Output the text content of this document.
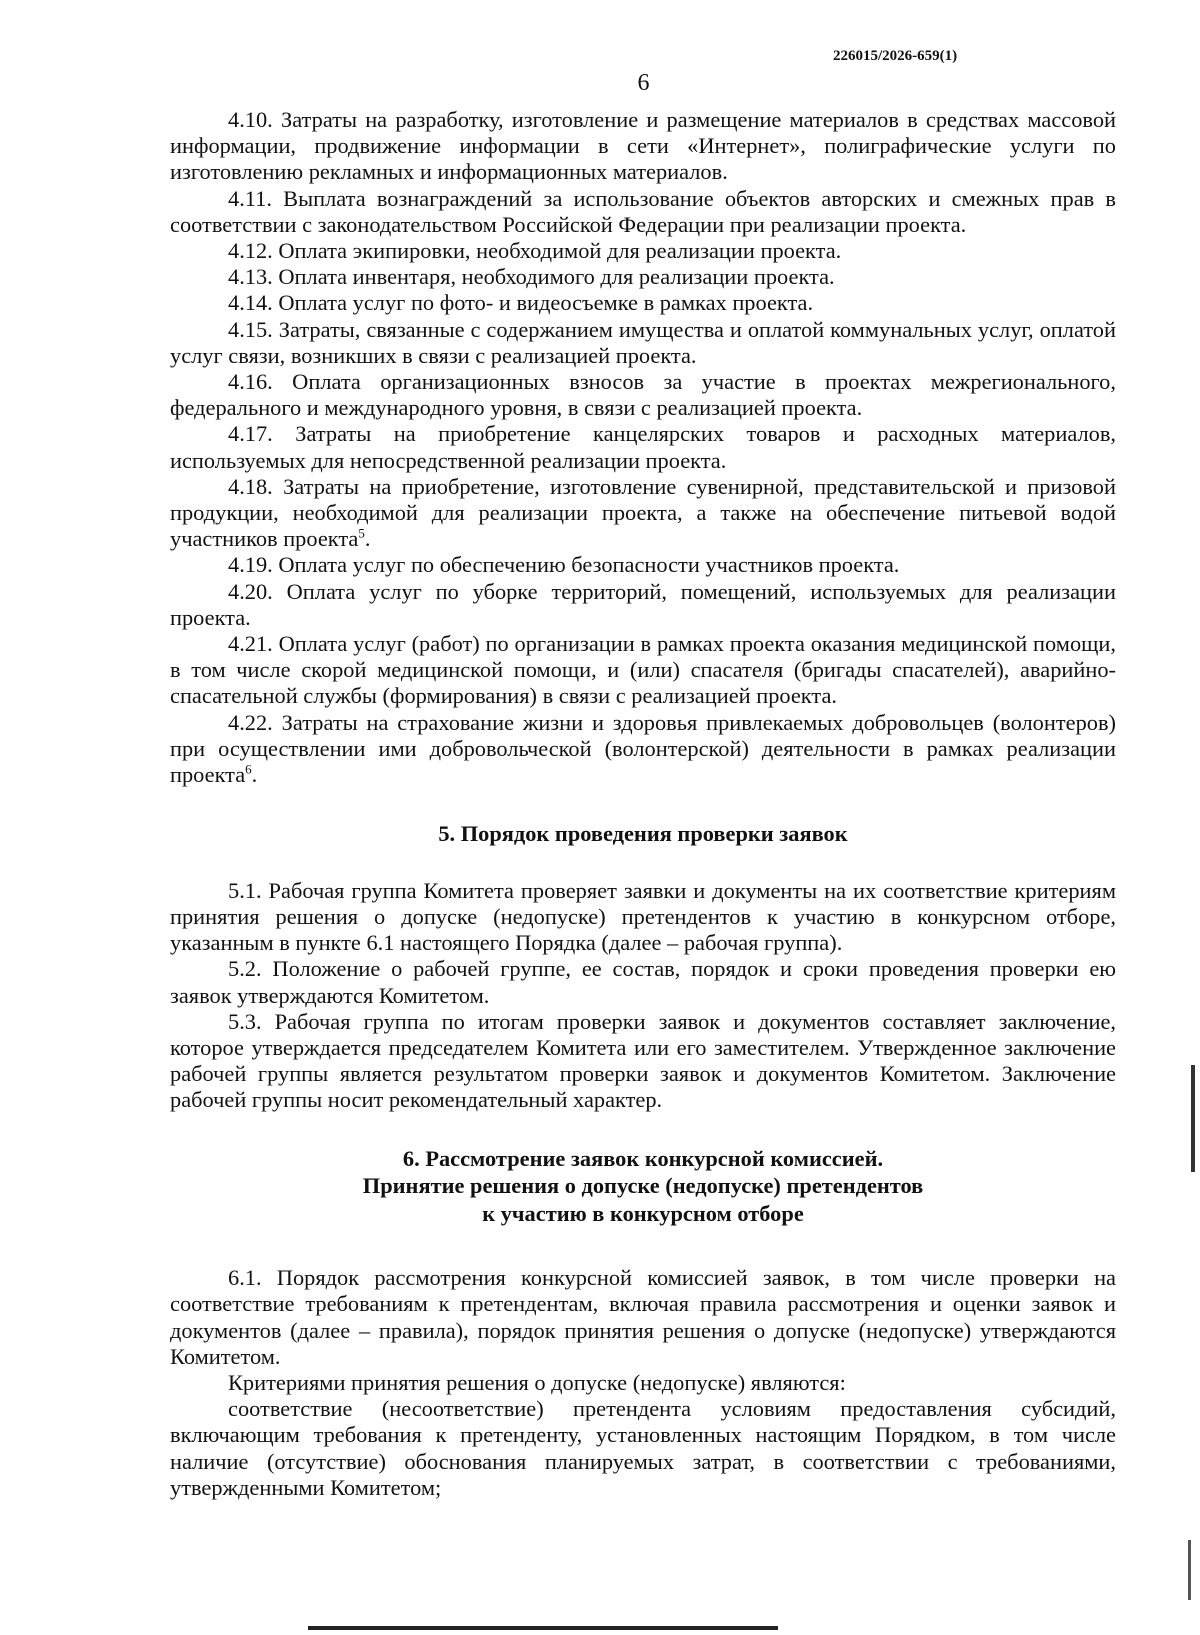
226015/2026-659(1)
6

4.10. Затраты на разработку, изготовление и размещение материалов в средствах массовой информации, продвижение информации в сети «Интернет», полиграфические услуги по изготовлению рекламных и информационных материалов.

4.11. Выплата вознаграждений за использование объектов авторских и смежных прав в соответствии с законодательством Российской Федерации при реализации проекта.

4.12. Оплата экипировки, необходимой для реализации проекта.

4.13. Оплата инвентаря, необходимого для реализации проекта.

4.14. Оплата услуг по фото- и видеосъемке в рамках проекта.

4.15. Затраты, связанные с содержанием имущества и оплатой коммунальных услуг, оплатой услуг связи, возникших в связи с реализацией проекта.

4.16. Оплата организационных взносов за участие в проектах межрегионального, федерального и международного уровня, в связи с реализацией проекта.

4.17. Затраты на приобретение канцелярских товаров и расходных материалов, используемых для непосредственной реализации проекта.

4.18. Затраты на приобретение, изготовление сувенирной, представительской и призовой продукции, необходимой для реализации проекта, а также на обеспечение питьевой водой участников проекта$^5$.

4.19. Оплата услуг по обеспечению безопасности участников проекта.

4.20. Оплата услуг по уборке территорий, помещений, используемых для реализации проекта.

4.21. Оплата услуг (работ) по организации в рамках проекта оказания медицинской помощи, в том числе скорой медицинской помощи, и (или) спасателя (бригады спасателей), аварийно-спасательной службы (формирования) в связи с реализацией проекта.

4.22. Затраты на страхование жизни и здоровья привлекаемых добровольцев (волонтеров) при осуществлении ими добровольческой (волонтерской) деятельности в рамках реализации проекта$^6$.

5. Порядок проведения проверки заявок

5.1. Рабочая группа Комитета проверяет заявки и документы на их соответствие критериям принятия решения о допуске (недопуске) претендентов к участию в конкурсном отборе, указанным в пункте 6.1 настоящего Порядка (далее – рабочая группа).

5.2. Положение о рабочей группе, ее состав, порядок и сроки проведения проверки ею заявок утверждаются Комитетом.

5.3. Рабочая группа по итогам проверки заявок и документов составляет заключение, которое утверждается председателем Комитета или его заместителем. Утвержденное заключение рабочей группы является результатом проверки заявок и документов Комитетом. Заключение рабочей группы носит рекомендательный характер.

6. Рассмотрение заявок конкурсной комиссией.

Принятие решения о допуске (недопуске) претендентов

к участию в конкурсном отборе

6.1. Порядок рассмотрения конкурсной комиссией заявок, в том числе проверки на соответствие требованиям к претендентам, включая правила рассмотрения и оценки заявок и документов (далее – правила), порядок принятия решения о допуске (недопуске) утверждаются Комитетом.

Критериями принятия решения о допуске (недопуске) являются:

соответствие (несоответствие) претендента условиям предоставления субсидий, включающим требования к претенденту, установленных настоящим Порядком, в том числе наличие (отсутствие) обоснования планируемых затрат, в соответствии с требованиями, утвержденными Комитетом;
